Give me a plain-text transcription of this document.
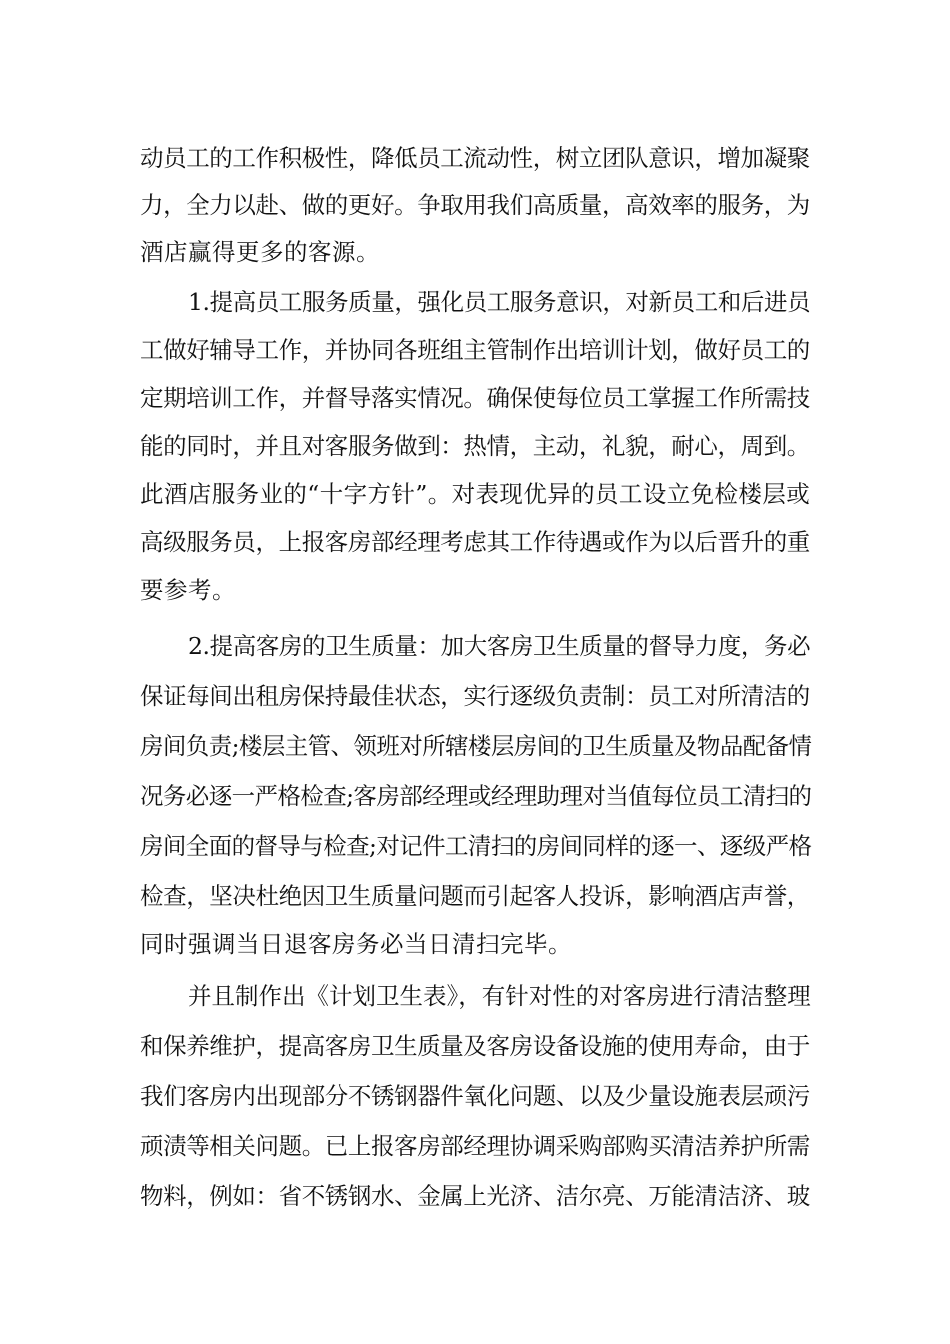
动员工的工作积极性，降低员工流动性，树立团队意识，增加凝聚
力，全力以赴、做的更好。争取用我们高质量，高效率的服务，为
酒店赢得更多的客源。
1.提高员工服务质量，强化员工服务意识，对新员工和后进员
工做好辅导工作，并协同各班组主管制作出培训计划，做好员工的
定期培训工作，并督导落实情况。确保使每位员工掌握工作所需技
能的同时，并且对客服务做到：热情，主动，礼貌，耐心，周到。
此酒店服务业的“十字方针”。对表现优异的员工设立免检楼层或
高级服务员，上报客房部经理考虑其工作待遇或作为以后晋升的重
要参考。
2.提高客房的卫生质量：加大客房卫生质量的督导力度，务必
保证每间出租房保持最佳状态，实行逐级负责制：员工对所清洁的
房间负责;楼层主管、领班对所辖楼层房间的卫生质量及物品配备情
况务必逐一严格检查;客房部经理或经理助理对当值每位员工清扫的
房间全面的督导与检查;对记件工清扫的房间同样的逐一、逐级严格
检查，坚决杜绝因卫生质量问题而引起客人投诉，影响酒店声誉，
同时强调当日退客房务必当日清扫完毕。
并且制作出《计划卫生表》，有针对性的对客房进行清洁整理
和保养维护，提高客房卫生质量及客房设备设施的使用寿命，由于
我们客房内出现部分不锈钢器件氧化问题、以及少量设施表层顽污
顽渍等相关问题。已上报客房部经理协调采购部购买清洁养护所需
物料，例如：省不锈钢水、金属上光济、洁尔亮、万能清洁济、玻
